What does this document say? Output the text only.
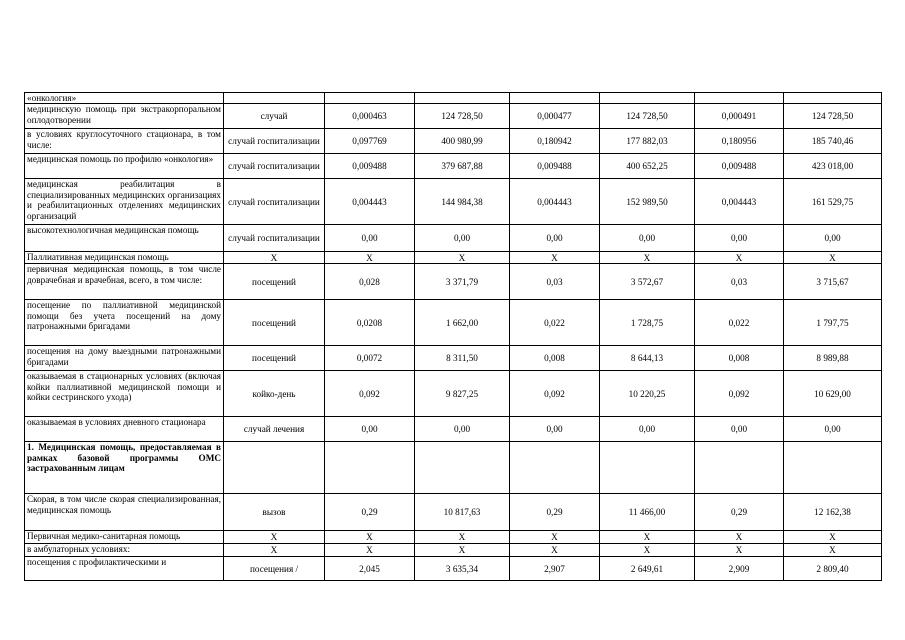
«онкология»							
медицинскую помощь при экстракорпоральном оплодотворении	случай	0,000463	124 728,50	0,000477	124 728,50	0,000491	124 728,50
в условиях круглосуточного стационара, в том числе:	случай госпитализации	0,097769	400 980,99	0,180942	177 882,03	0,180956	185 740,46
медицинская помощь по профилю «онкология»	случай госпитализации	0,009488	379 687,88	0,009488	400 652,25	0,009488	423 018,00
медицинская реабилитация в специализированных медицинских организациях и реабилитационных отделениях медицинских организаций	случай госпитализации	0,004443	144 984,38	0,004443	152 989,50	0,004443	161 529,75
высокотехнологичная медицинская помощь	случай госпитализации	0,00	0,00	0,00	0,00	0,00	0,00
Паллиативная медицинская помощь	Х	Х	Х	Х	Х	Х	Х
первичная медицинская помощь, в том числе доврачебная и врачебная, всего, в том числе:	посещений	0,028	3 371,79	0,03	3 572,67	0,03	3 715,67
посещение по паллиативной медицинской помощи без учета посещений на дому патронажными бригадами	посещений	0,0208	1 662,00	0,022	1 728,75	0,022	1 797,75
посещения на дому выездными патронажными бригадами	посещений	0,0072	8 311,50	0,008	8 644,13	0,008	8 989,88
оказываемая в стационарных условиях (включая койки паллиативной медицинской помощи и койки сестринского ухода)	койко-день	0,092	9 827,25	0,092	10 220,25	0,092	10 629,00
оказываемая в условиях дневного стационара	случай лечения	0,00	0,00	0,00	0,00	0,00	0,00
1. Медицинская помощь, предоставляемая в рамках базовой программы ОМС застрахованным лицам							
Скорая, в том числе скорая специализированная, медицинская помощь	вызов	0,29	10 817,63	0,29	11 466,00	0,29	12 162,38
Первичная медико-санитарная помощь	Х	Х	Х	Х	Х	Х	Х
в амбулаторных условиях:	Х	Х	Х	Х	Х	Х	Х
посещения с профилактическими и	посещения /	2,045	3 635,34	2,907	2 649,61	2,909	2 809,40
